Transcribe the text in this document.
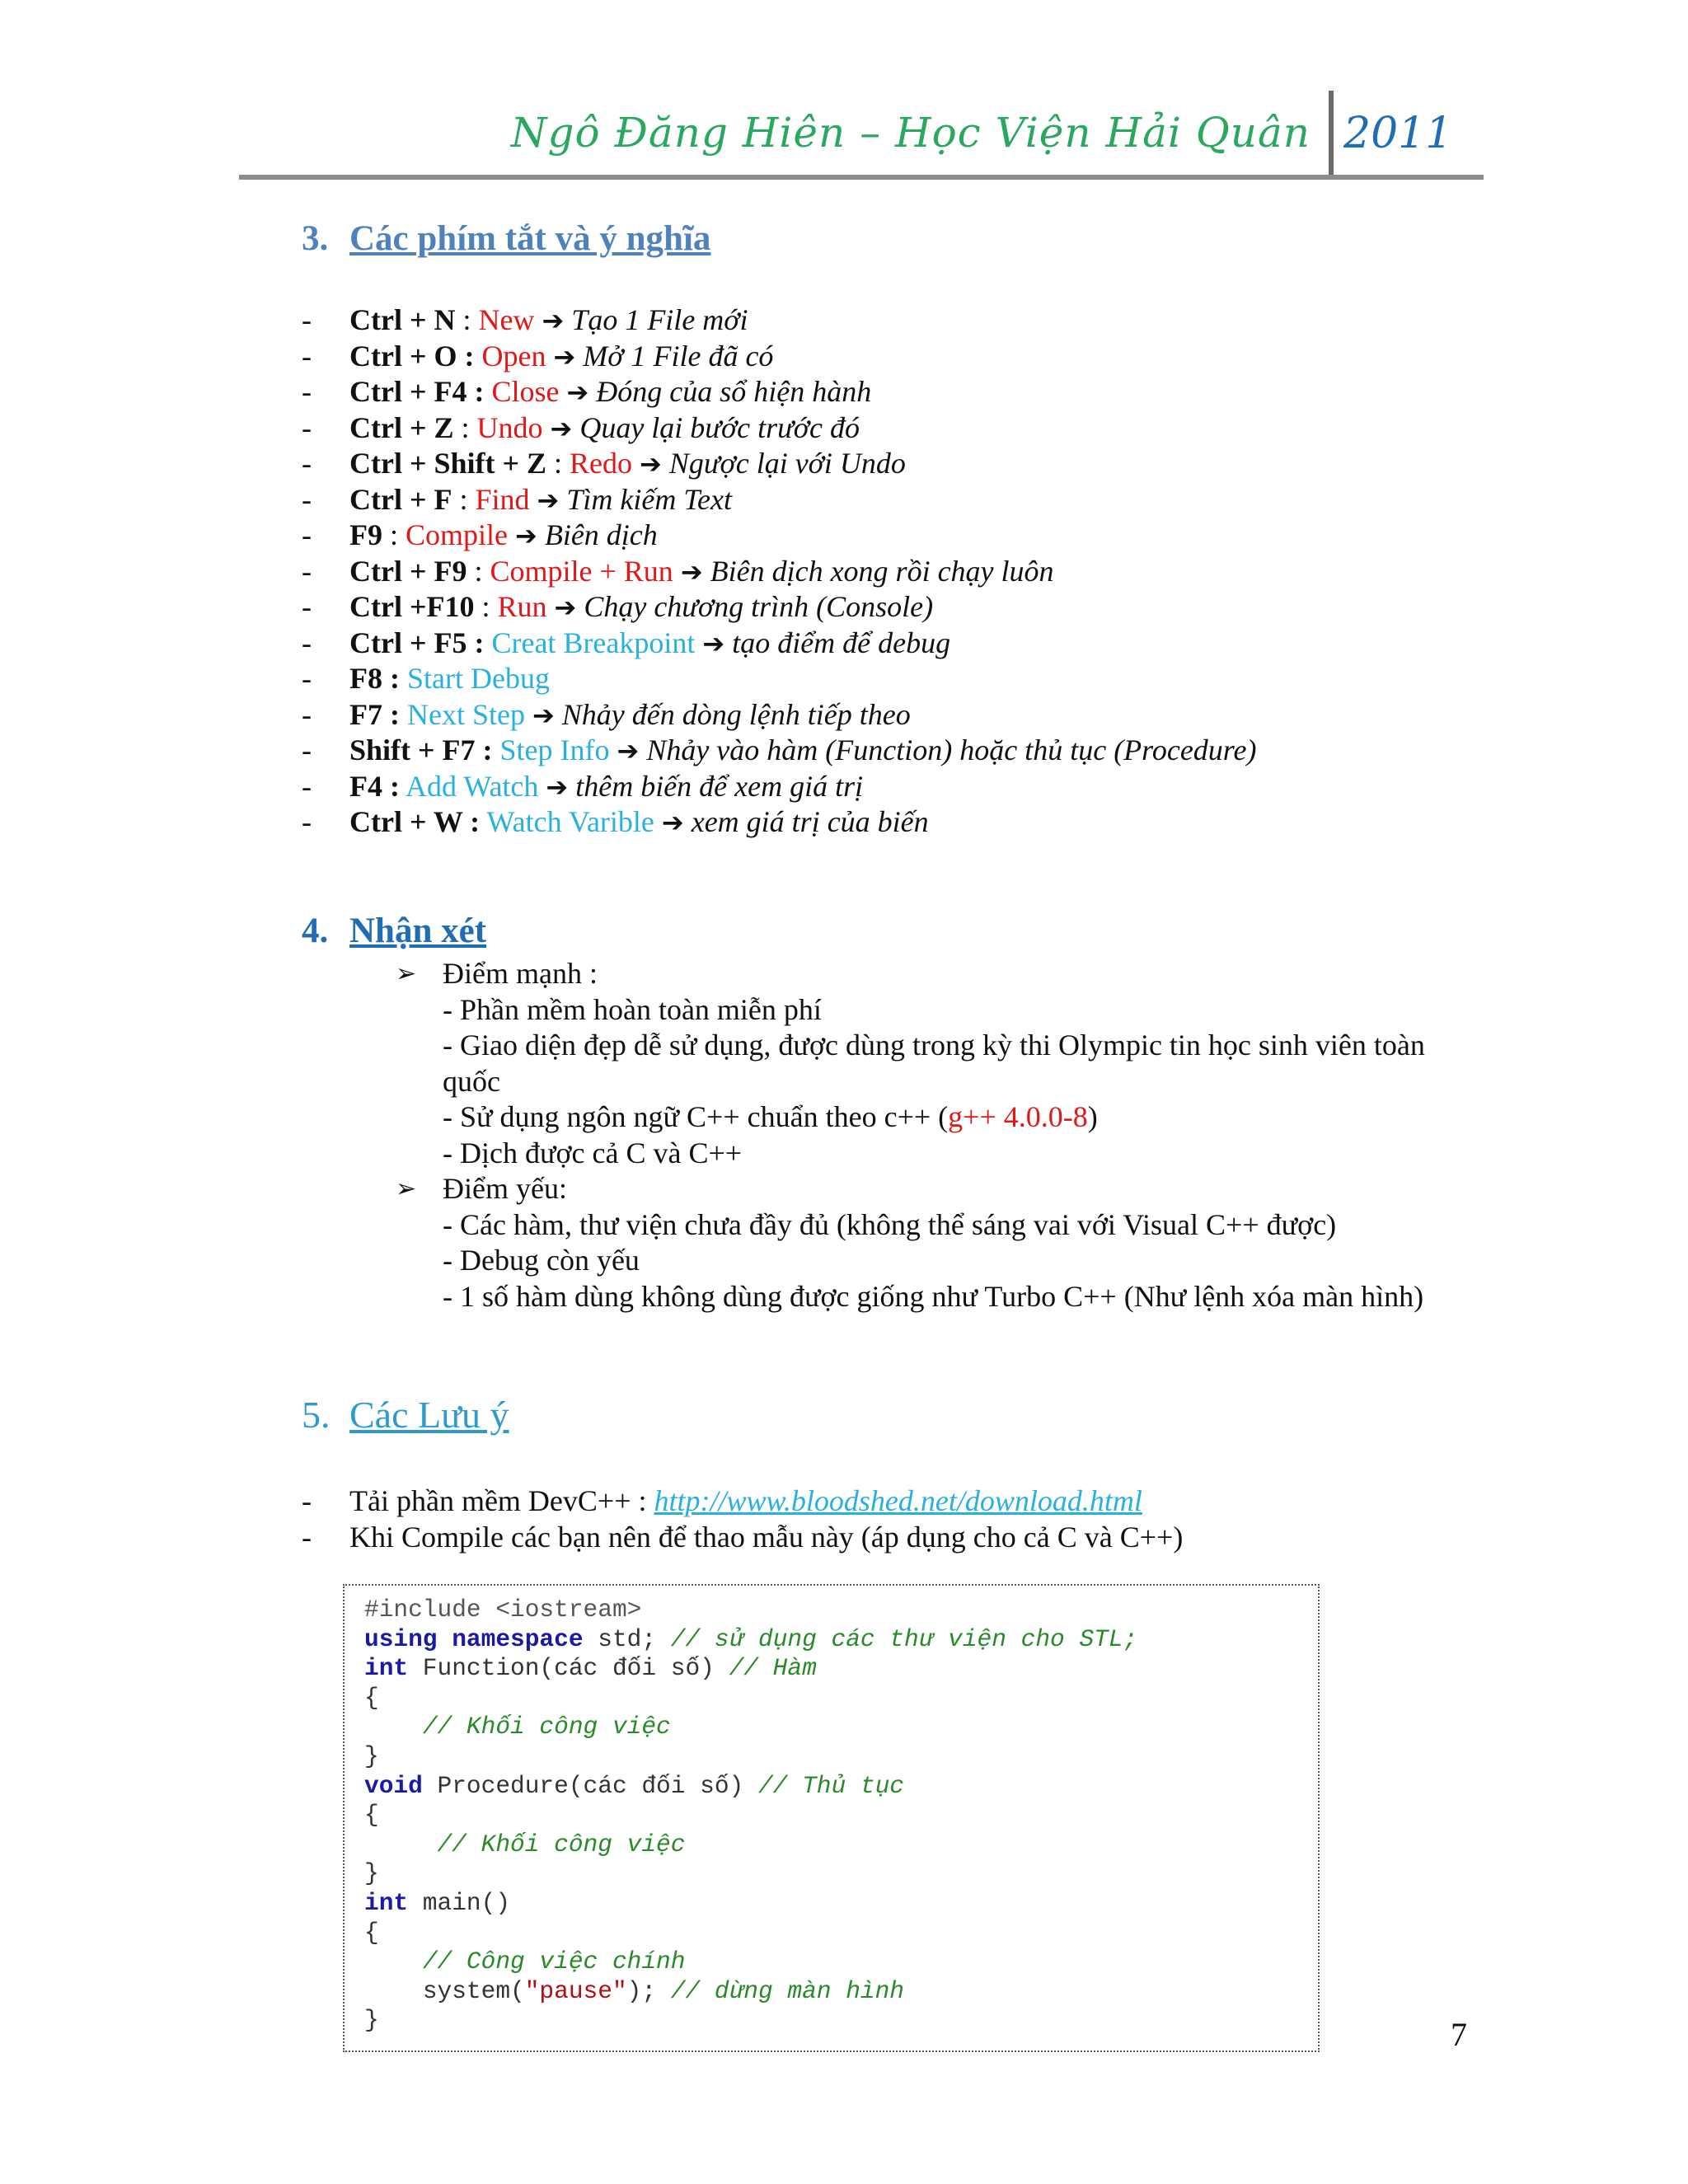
Ngô Đăng Hiên – Học Viện Hải Quân 2011
3. Các phím tắt và ý nghĩa
- Ctrl + N : New ➔ Tạo 1 File mới
- Ctrl + O : Open ➔ Mở 1 File đã có
- Ctrl + F4 : Close ➔ Đóng của sổ hiện hành
- Ctrl + Z : Undo ➔ Quay lại bước trước đó
- Ctrl + Shift + Z : Redo ➔ Ngược lại với Undo
- Ctrl + F : Find ➔ Tìm kiếm Text
- F9 : Compile ➔ Biên dịch
- Ctrl + F9 : Compile + Run ➔ Biên dịch xong rồi chạy luôn
- Ctrl +F10 : Run ➔ Chạy chương trình (Console)
- Ctrl + F5 : Creat Breakpoint ➔ tạo điểm để debug
- F8 : Start Debug
- F7 : Next Step ➔ Nhảy đến dòng lệnh tiếp theo
- Shift + F7 : Step Info ➔ Nhảy vào hàm (Function) hoặc thủ tục (Procedure)
- F4 : Add Watch ➔ thêm biến để xem giá trị
- Ctrl + W : Watch Varible ➔ xem giá trị của biến
4. Nhận xét
➢ Điểm mạnh :
- Phần mềm hoàn toàn miễn phí
- Giao diện đẹp dễ sử dụng, được dùng trong kỳ thi Olympic tin học sinh viên toàn quốc
- Sử dụng ngôn ngữ C++ chuẩn theo c++ (g++ 4.0.0-8)
- Dịch được cả C và C++
➢ Điểm yếu:
- Các hàm, thư viện chưa đầy đủ (không thể sáng vai với Visual C++ được)
- Debug còn yếu
- 1 số hàm dùng không dùng được giống như Turbo C++ (Như lệnh xóa màn hình)
5. Các Lưu ý
- Tải phần mềm DevC++ : http://www.bloodshed.net/download.html
- Khi Compile các bạn nên để thao mẫu này (áp dụng cho cả C và C++)
#include <iostream>
using namespace std; // sử dụng các thư viện cho STL;
int Function(các đối số) // Hàm
{
// Khối công việc
}
void Procedure(các đối số) // Thủ tục
{
// Khối công việc
}
int main()
{
// Công việc chính
system("pause"); // dừng màn hình
}	7
